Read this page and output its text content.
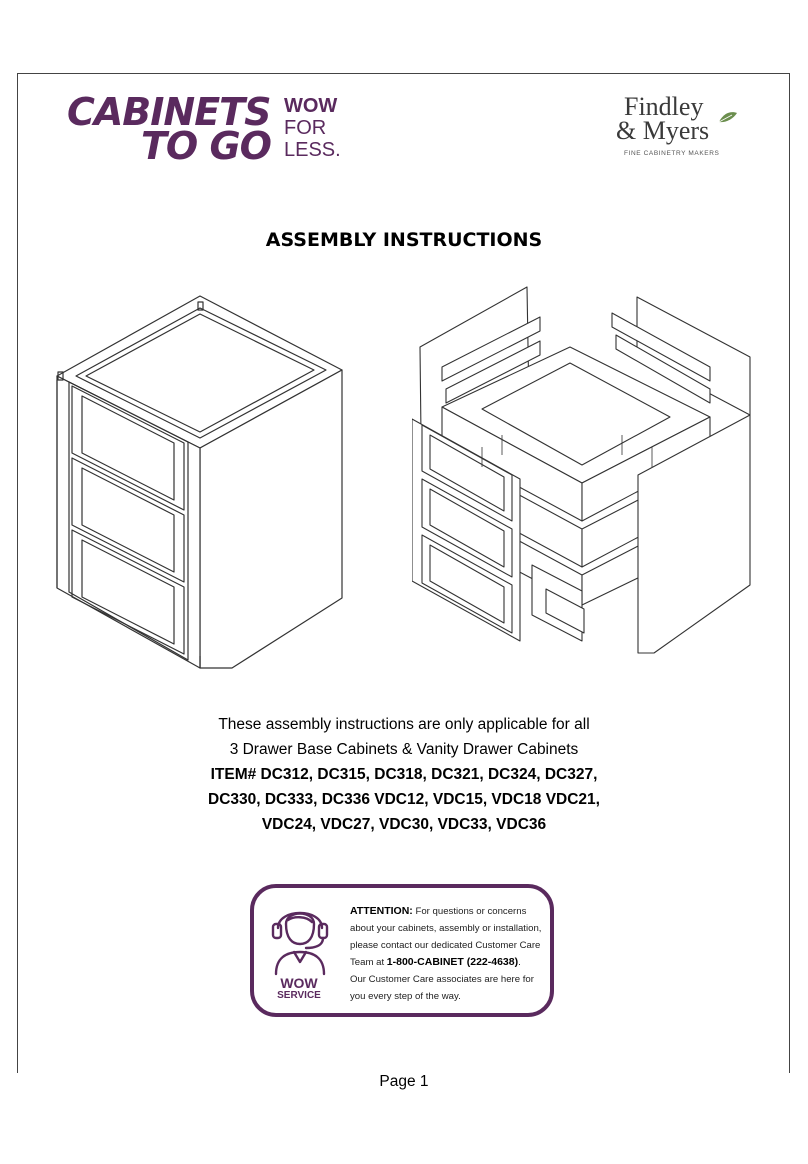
CABINETS
TO GO
WOW
FOR
LESS.
Findley
& Myers
FINE CABINETRY MAKERS
ASSEMBLY INSTRUCTIONS
These assembly instructions are only applicable for all
3 Drawer Base Cabinets & Vanity Drawer Cabinets
ITEM# DC312, DC315, DC318, DC321, DC324, DC327,
DC330, DC333, DC336 VDC12, VDC15, VDC18 VDC21,
VDC24, VDC27, VDC30, VDC33, VDC36
WOW
SERVICE
ATTENTION: For questions or concerns
about your cabinets, assembly or installation,
please contact our dedicated Customer Care
Team at 1-800-CABINET (222-4638).
Our Customer Care associates are here for
you every step of the way.
Page 1
